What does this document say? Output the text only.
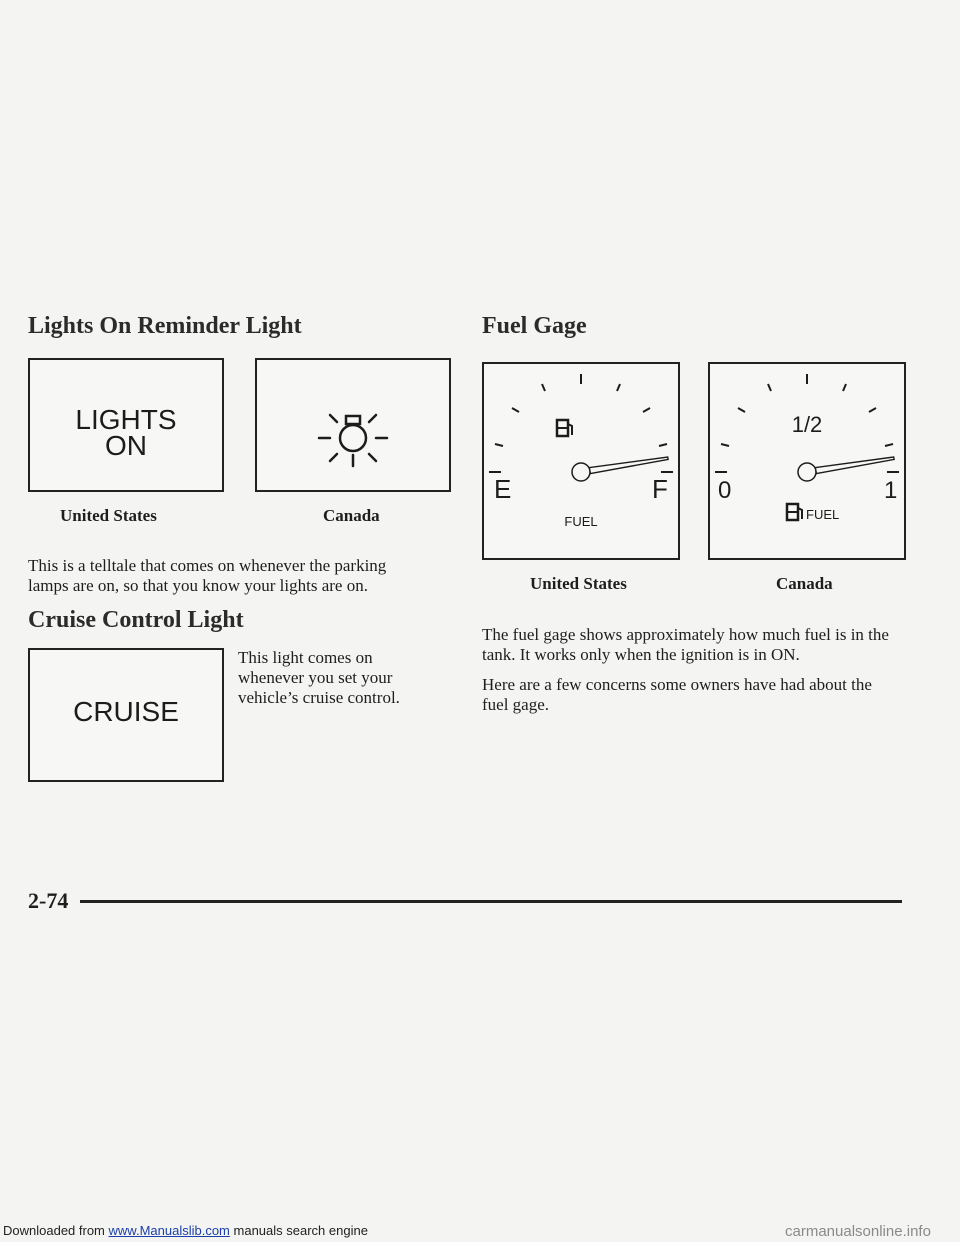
Lights On Reminder Light
LIGHTS
ON
United States	Canada

This is a telltale that comes on whenever the parking lamps are on, so that you know your lights are on.

Cruise Control Light
CRUISE

This light comes on whenever you set your vehicle’s cruise control.

Fuel Gage
E	F
FUEL
1/2
0	1
FUEL
United States	Canada

The fuel gage shows approximately how much fuel is in the tank. It works only when the ignition is in ON.

Here are a few concerns some owners have had about the fuel gage.

2-74
Downloaded from www.Manualslib.com manuals search engine	carmanualsonline.info
